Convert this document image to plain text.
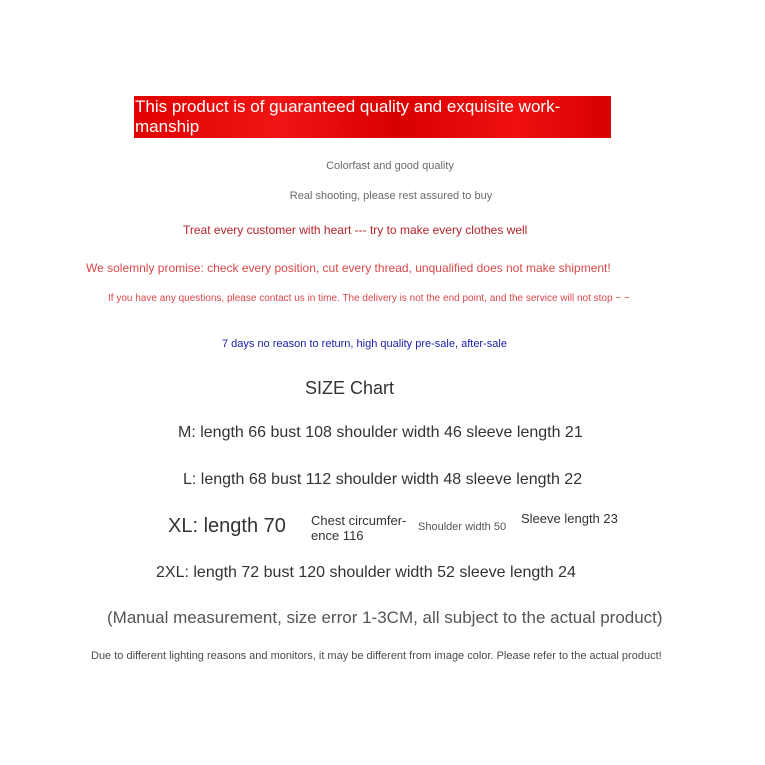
This product is of guaranteed quality and exquisite work-manship
Colorfast and good quality
Real shooting, please rest assured to buy
Treat every customer with heart --- try to make every clothes well
We solemnly promise: check every position, cut every thread, unqualified does not make shipment!
If you have any questions, please contact us in time. The delivery is not the end point, and the service will not stop ~ ~
7 days no reason to return, high quality pre-sale, after-sale
SIZE Chart
M: length 66 bust 108 shoulder width 46 sleeve length 21
L: length 68 bust 112 shoulder width 48 sleeve length 22
XL: length 70 Chest circumfer-ence 116
Shoulder width 50
Sleeve length 23
2XL: length 72 bust 120 shoulder width 52 sleeve length 24
(Manual measurement, size error 1-3CM, all subject to the actual product)
Due to different lighting reasons and monitors, it may be different from image color. Please refer to the actual product!
